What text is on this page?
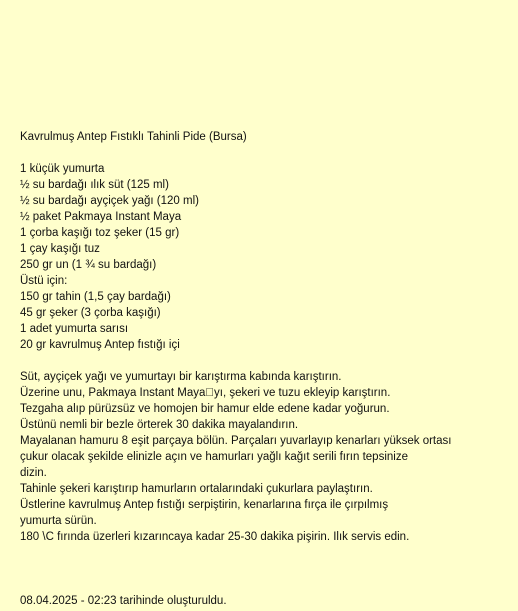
Kavrulmuş Antep Fıstıklı Tahinli Pide (Bursa)
1 küçük yumurta
½ su bardağı ılık süt (125 ml)
½ su bardağı ayçiçek yağı (120 ml)
½ paket Pakmaya Instant Maya
1 çorba kaşığı toz şeker (15 gr)
1 çay kaşığı tuz
250 gr un (1 ¾ su bardağı)
Üstü için:
150 gr tahin (1,5 çay bardağı)
45 gr şeker (3 çorba kaşığı)
1 adet yumurta sarısı
20 gr kavrulmuş Antep fıstığı içi
Süt, ayçiçek yağı ve yumurtayı bir karıştırma kabında karıştırın.
Üzerine unu, Pakmaya Instant Maya yı, şekeri ve tuzu ekleyip karıştırın.
Tezgaha alıp pürüzsüz ve homojen bir hamur elde edene kadar yoğurun.
Üstünü nemli bir bezle örterek 30 dakika mayalandırın.
Mayalanan hamuru 8 eşit parçaya bölün. Parçaları yuvarlayıp kenarları yüksek ortası
çukur olacak şekilde elinizle açın ve hamurları yağlı kağıt serili fırın tepsinize
dizin.
Tahinle şekeri karıştırıp hamurların ortalarındaki çukurlara paylaştırın.
Üstlerine kavrulmuş Antep fıstığı serpiştirin, kenarlarına fırça ile çırpılmış
yumurta sürün.
180 \C fırında üzerleri kızarıncaya kadar 25-30 dakika pişirin. Ilık servis edin.
08.04.2025 - 02:23 tarihinde oluşturuldu.
